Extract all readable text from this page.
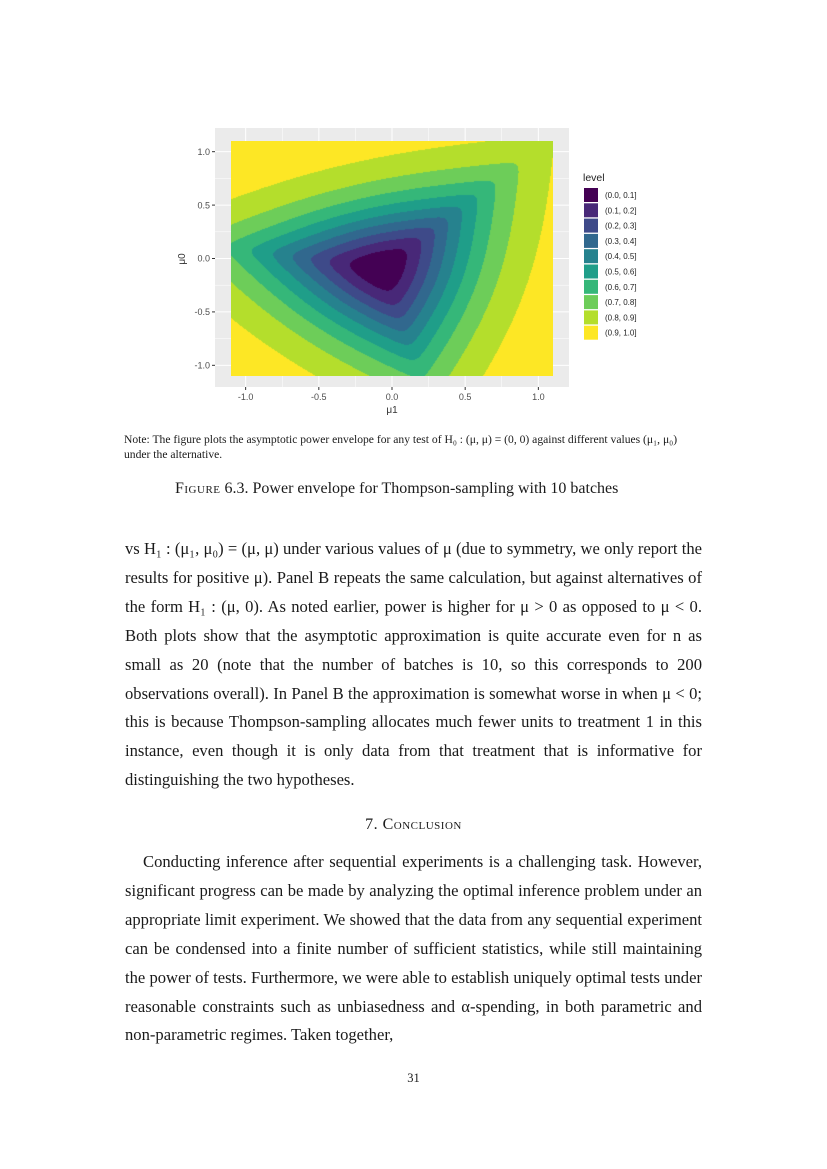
-1.0	-0.5	0.0	0.5	1.0
1.0
0.5
0.0
-0.5
-1.0
μ1
μ0
level
(0.0, 0.1]
(0.1, 0.2]
(0.2, 0.3]
(0.3, 0.4]
(0.4, 0.5]
(0.5, 0.6]
(0.6, 0.7]
(0.7, 0.8]
(0.8, 0.9]
(0.9, 1.0]
Note: The figure plots the asymptotic power envelope for any test of H₀ : (μ, μ) = (0, 0) against different values (μ₁, μ₀) under the alternative.
Figure 6.3. Power envelope for Thompson-sampling with 10 batches
vs H₁ : (μ₁, μ₀) = (μ, μ) under various values of μ (due to symmetry, we only report the results for positive μ). Panel B repeats the same calculation, but against alternatives of the form H₁ : (μ, 0). As noted earlier, power is higher for μ > 0 as opposed to μ < 0. Both plots show that the asymptotic approximation is quite accurate even for n as small as 20 (note that the number of batches is 10, so this corresponds to 200 observations overall). In Panel B the approximation is somewhat worse in when μ < 0; this is because Thompson-sampling allocates much fewer units to treatment 1 in this instance, even though it is only data from that treatment that is informative for distinguishing the two hypotheses.
7. Conclusion
Conducting inference after sequential experiments is a challenging task. However, significant progress can be made by analyzing the optimal inference problem under an appropriate limit experiment. We showed that the data from any sequential experiment can be condensed into a finite number of sufficient statistics, while still maintaining the power of tests. Furthermore, we were able to establish uniquely optimal tests under reasonable constraints such as unbiasedness and α-spending, in both parametric and non-parametric regimes. Taken together,
31
